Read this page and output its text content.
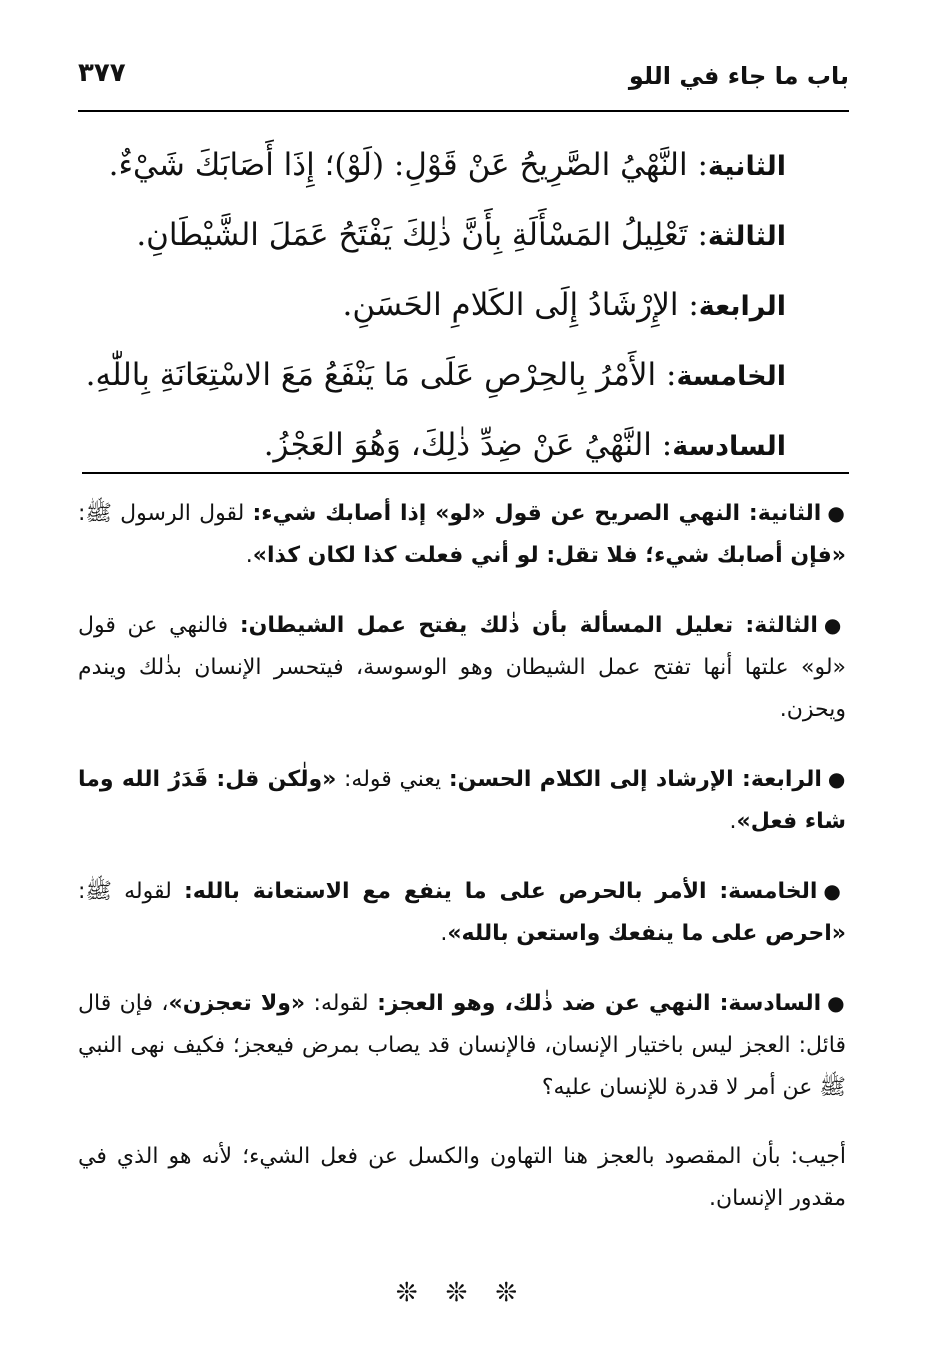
باب ما جاء في اللو
٣٧٧
الثانية: النَّهْيُ الصَّرِيحُ عَنْ قَوْلِ: (لَوْ)؛ إِذَا أَصَابَكَ شَيْءٌ.
الثالثة: تَعْلِيلُ المَسْأَلَةِ بِأَنَّ ذٰلِكَ يَفْتَحُ عَمَلَ الشَّيْطَانِ.
الرابعة: الإِرْشَادُ إِلَى الكَلامِ الحَسَنِ.
الخامسة: الأَمْرُ بِالحِرْصِ عَلَى مَا يَنْفَعُ مَعَ الاسْتِعَانَةِ بِاللّٰهِ.
السادسة: النَّهْيُ عَنْ ضِدِّ ذٰلِكَ، وَهُوَ العَجْزُ.

●الثانية: النهي الصريح عن قول «لو» إذا أصابك شيء: لقول الرسول ﷺ: «فإن أصابك شيء؛ فلا تقل: لو أني فعلت كذا لكان كذا».

●الثالثة: تعليل المسألة بأن ذٰلك يفتح عمل الشيطان: فالنهي عن قول «لو» علتها أنها تفتح عمل الشيطان وهو الوسوسة، فيتحسر الإنسان بذٰلك ويندم ويحزن.

●الرابعة: الإرشاد إلى الكلام الحسن: يعني قوله: «ولٰكن قل: قَدَرُ الله وما شاء فعل».

●الخامسة: الأمر بالحرص على ما ينفع مع الاستعانة بالله: لقوله ﷺ: «احرص على ما ينفعك واستعن بالله».

●السادسة: النهي عن ضد ذٰلك، وهو العجز: لقوله: «ولا تعجزن»، فإن قال قائل: العجز ليس باختيار الإنسان، فالإنسان قد يصاب بمرض فيعجز؛ فكيف نهى النبي ﷺ عن أمر لا قدرة للإنسان عليه؟

أجيب: بأن المقصود بالعجز هنا التهاون والكسل عن فعل الشيء؛ لأنه هو الذي في مقدور الإنسان.

❊❊❊
